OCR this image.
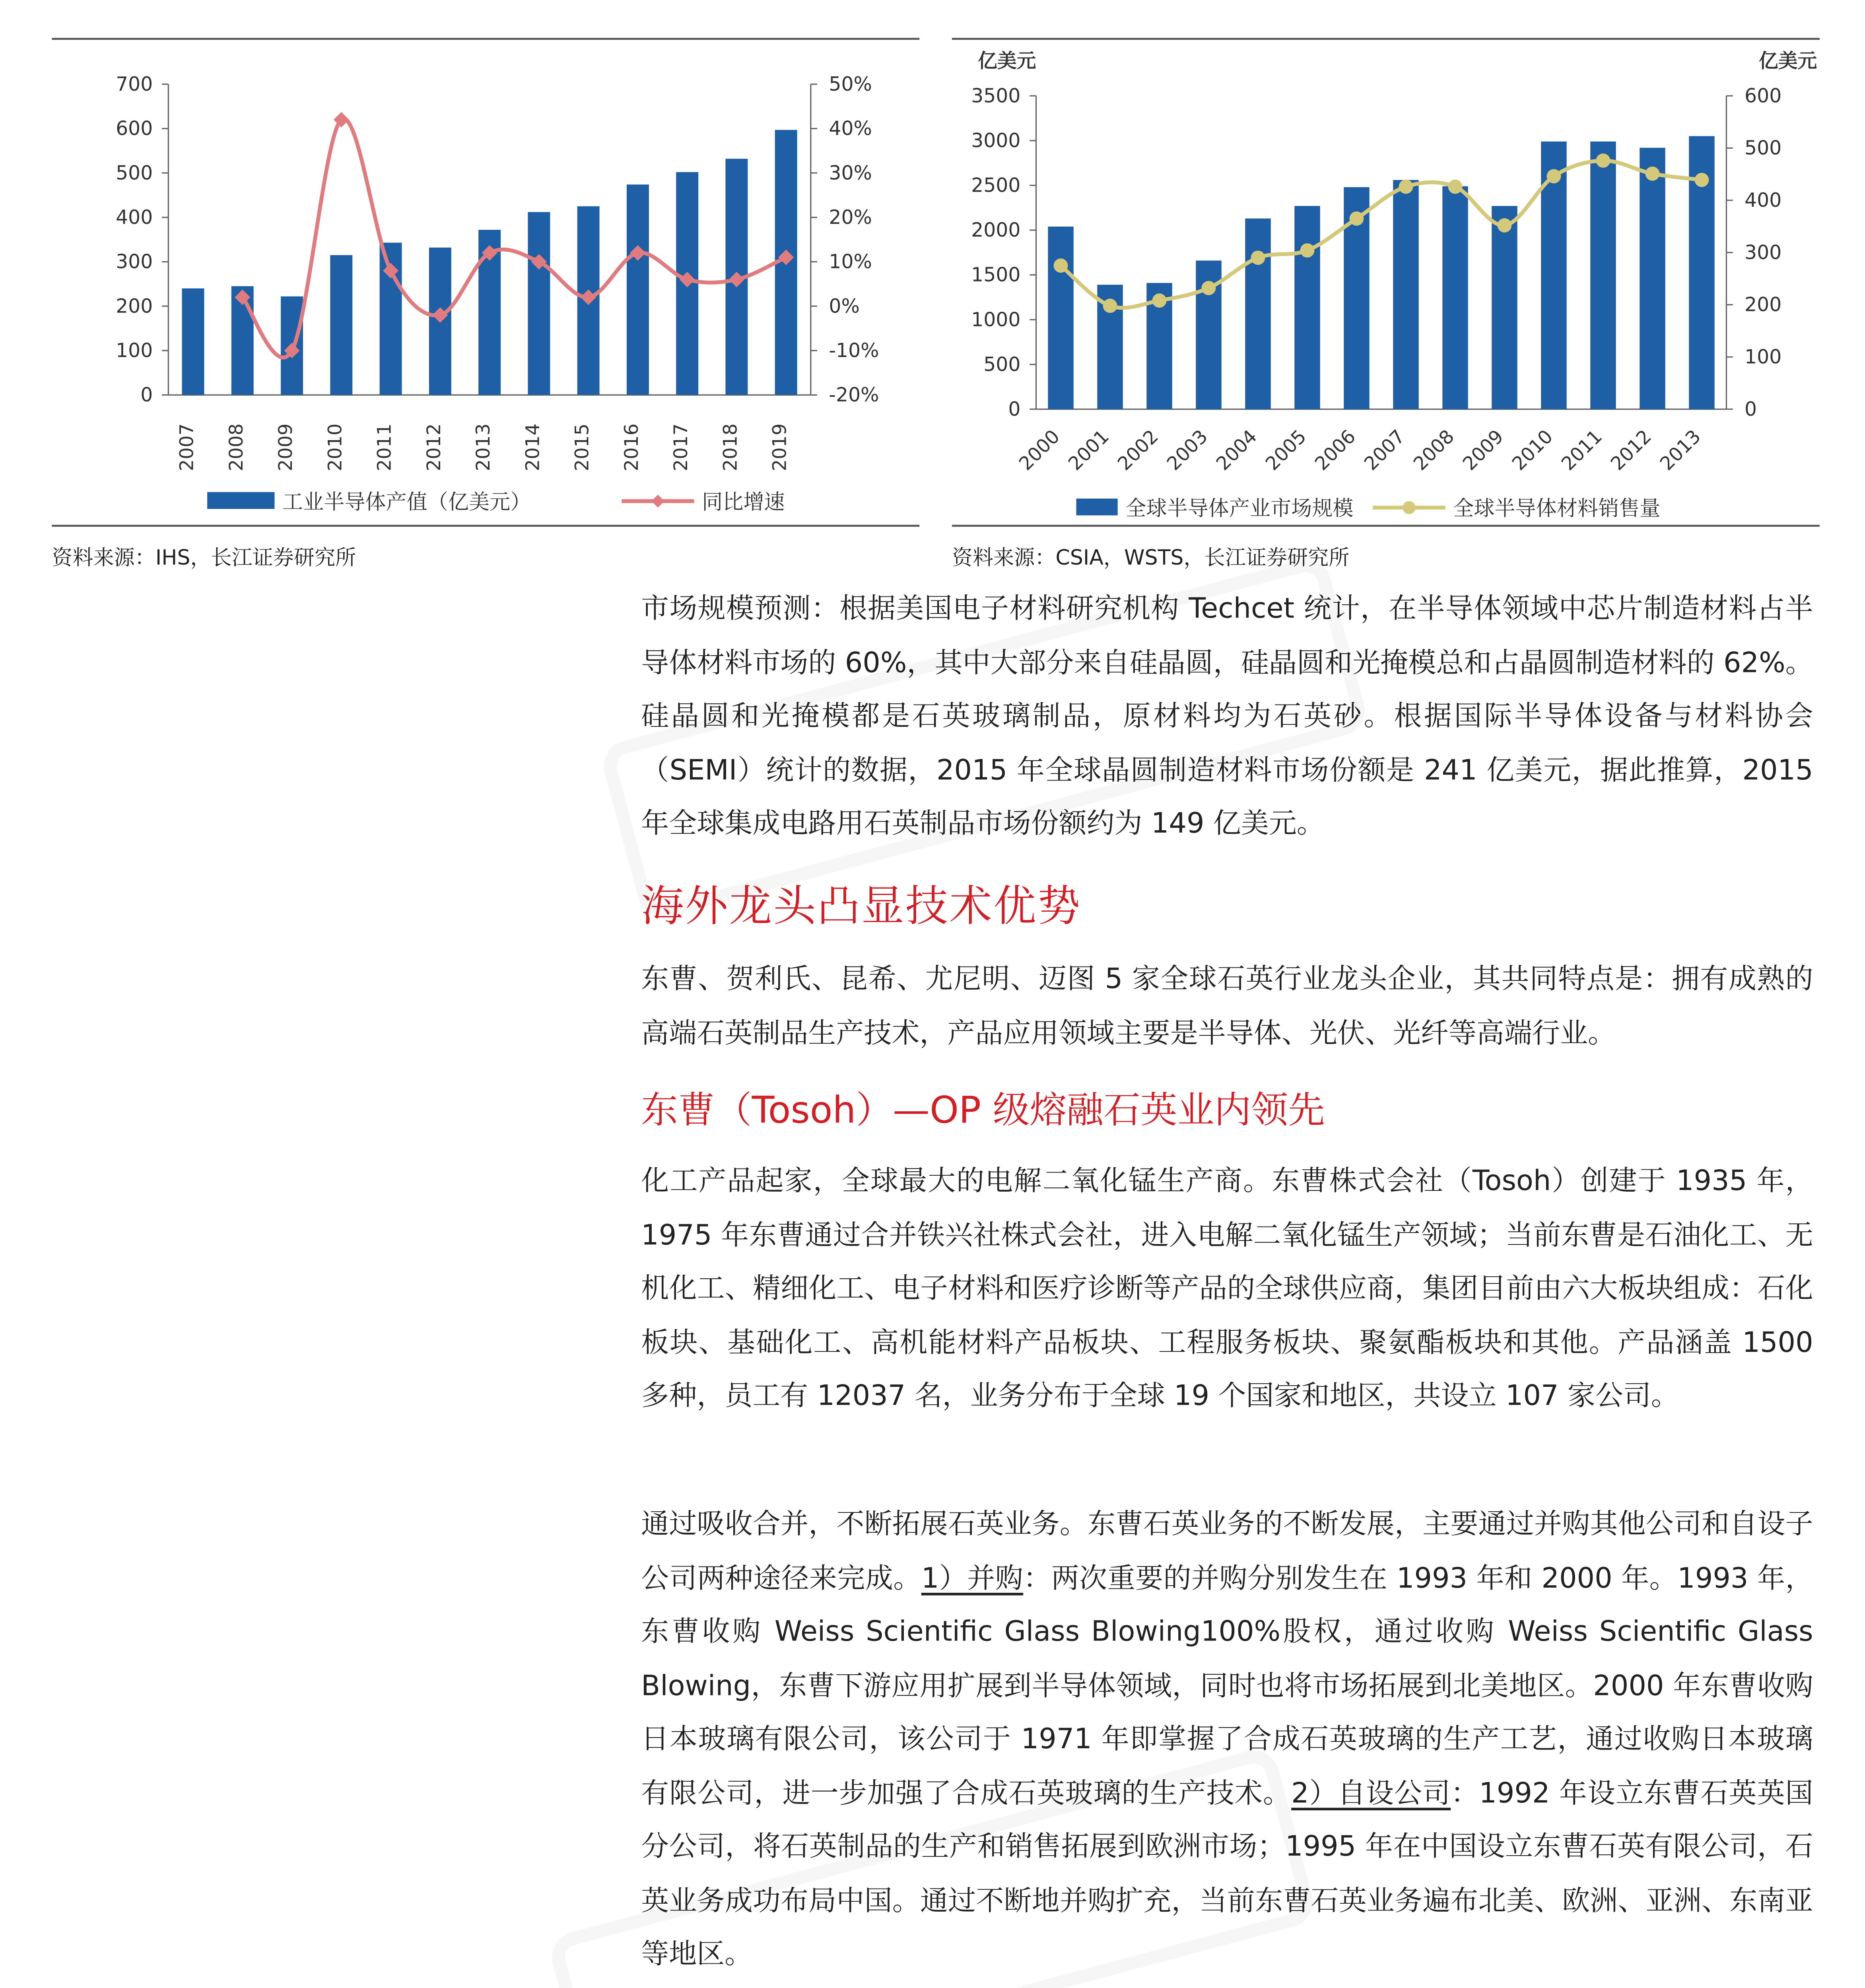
0
100
200
300
400
500
600
700
-20%
-10%
0%
10%
20%
30%
40%
50%
2007	2008	2009	2010	2011	2012	2013	2014	2015	2016	2017	2018	2019
工业半导体产值（亿美元）	同比增速
资料来源：IHS，长江证券研究所
0
500
1000
1500
2000
2500
3000
3500
0
100
200
300
400
500
600
亿美元	亿美元
2000 2001 2002 2003 2004 2005 2006 2007 2008 2009 2010 2011 2012 2013
全球半导体产业市场规模	全球半导体材料销售量
资料来源：CSIA，WSTS，长江证券研究所

市场规模预测：根据美国电子材料研究机构 Techcet 统计，在半导体领域中芯片制造材料占半导体材料市场的 60%，其中大部分来自硅晶圆，硅晶圆和光掩模总和占晶圆制造材料的 62%。硅晶圆和光掩模都是石英玻璃制品，原材料均为石英砂。根据国际半导体设备与材料协会（SEMI）统计的数据，2015 年全球晶圆制造材料市场份额是 241 亿美元，据此推算，2015 年全球集成电路用石英制品市场份额约为 149 亿美元。

海外龙头凸显技术优势

东曹、贺利氏、昆希、尤尼明、迈图 5 家全球石英行业龙头企业，其共同特点是：拥有成熟的高端石英制品生产技术，产品应用领域主要是半导体、光伏、光纤等高端行业。

东曹（Tosoh）—OP 级熔融石英业内领先

化工产品起家，全球最大的电解二氧化锰生产商。东曹株式会社（Tosoh）创建于 1935 年，1975 年东曹通过合并铁兴社株式会社，进入电解二氧化锰生产领域；当前东曹是石油化工、无机化工、精细化工、电子材料和医疗诊断等产品的全球供应商，集团目前由六大板块组成：石化板块、基础化工、高机能材料产品板块、工程服务板块、聚氨酯板块和其他。产品涵盖 1500 多种，员工有 12037 名，业务分布于全球 19 个国家和地区，共设立 107 家公司。

通过吸收合并，不断拓展石英业务。东曹石英业务的不断发展，主要通过并购其他公司和自设子公司两种途径来完成。1）并购：两次重要的并购分别发生在 1993 年和 2000 年。1993 年，东曹收购 Weiss Scientific Glass Blowing100%股权，通过收购 Weiss Scientific Glass Blowing，东曹下游应用扩展到半导体领域，同时也将市场拓展到北美地区。2000 年东曹收购日本玻璃有限公司，该公司于 1971 年即掌握了合成石英玻璃的生产工艺，通过收购日本玻璃有限公司，进一步加强了合成石英玻璃的生产技术。2）自设公司：1992 年设立东曹石英英国分公司，将石英制品的生产和销售拓展到欧洲市场；1995 年在中国设立东曹石英有限公司，石英业务成功布局中国。通过不断地并购扩充，当前东曹石英业务遍布北美、欧洲、亚洲、东南亚等地区。
